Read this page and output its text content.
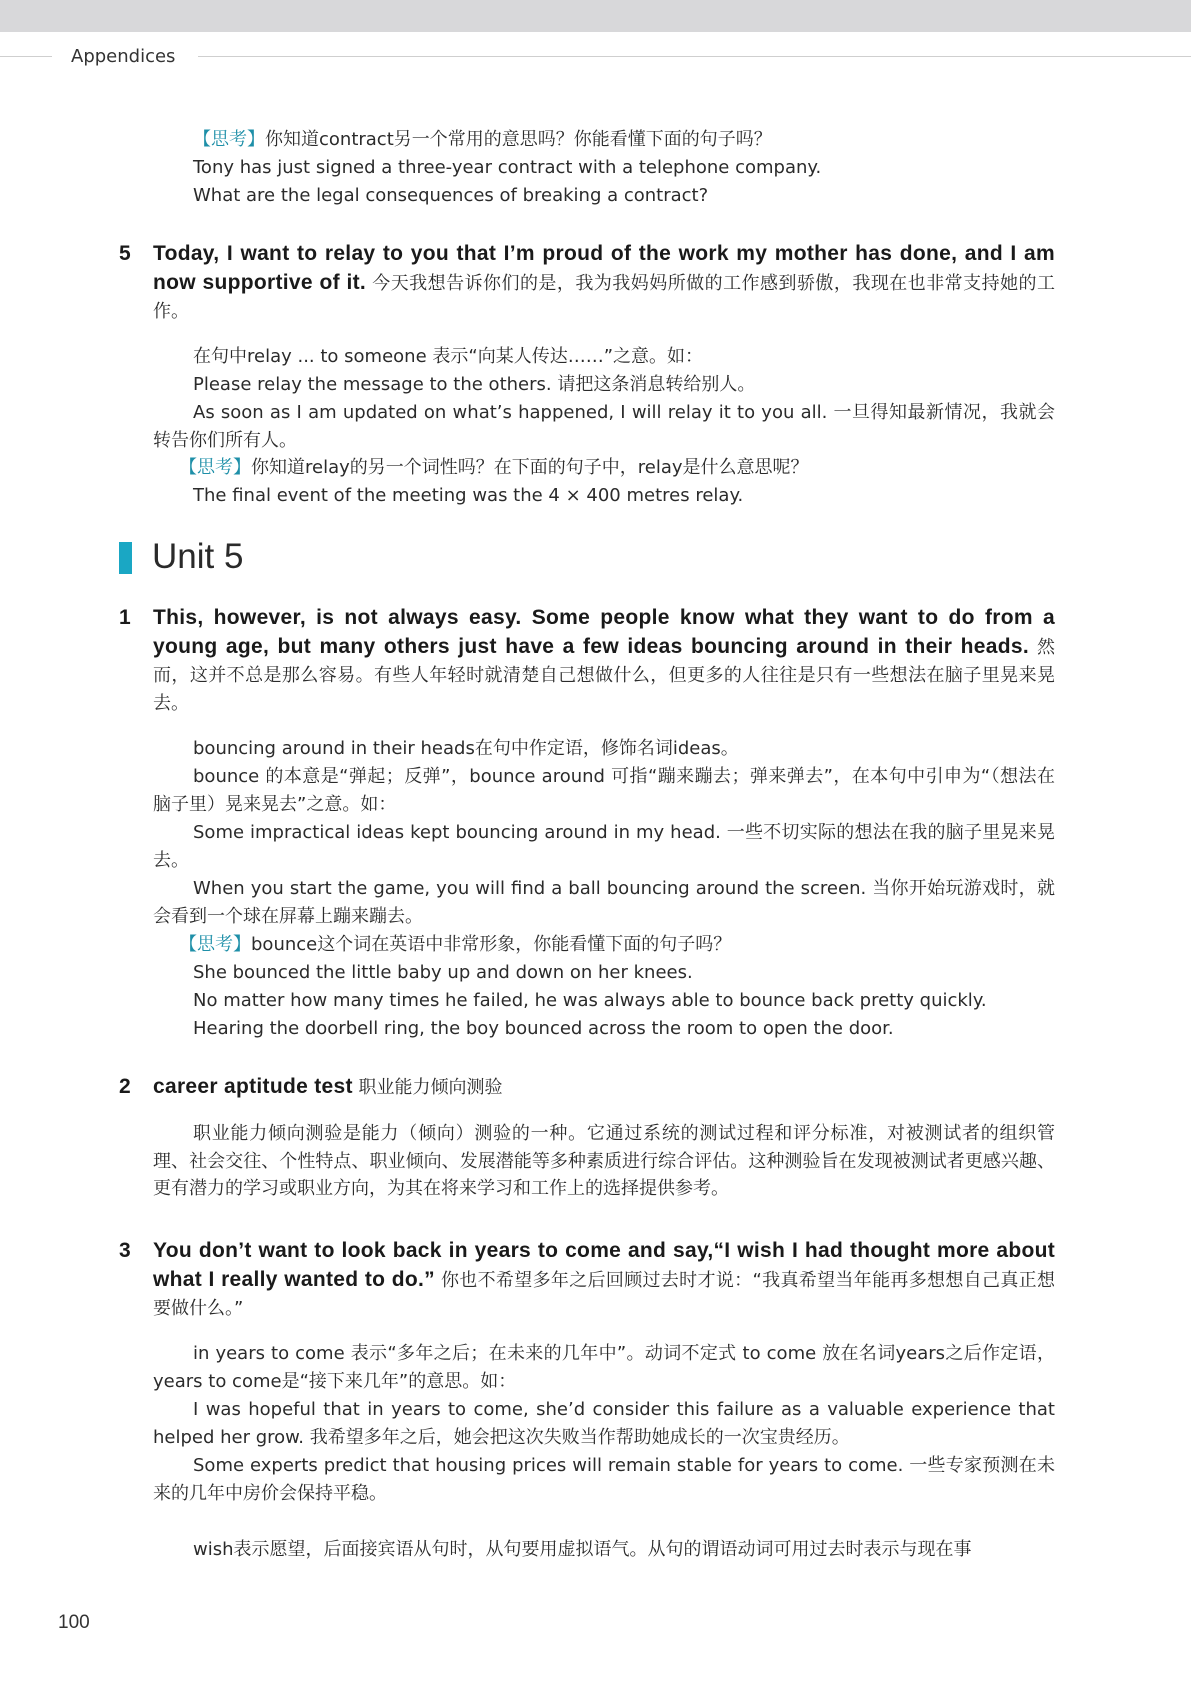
Appendices

【思考】你知道contract另一个常用的意思吗？你能看懂下面的句子吗？

Tony has just signed a three-year contract with a telephone company.

What are the legal consequences of breaking a contract?

5 Today, I want to relay to you that I’m proud of the work my mother has done, and I am now supportive of it. 今天我想告诉你们的是，我为我妈妈所做的工作感到骄傲，我现在也非常支持她的工作。

在句中relay ... to someone 表示“向某人传达……”之意。如：

Please relay the message to the others. 请把这条消息转给别人。

As soon as I am updated on what’s happened, I will relay it to you all. 一旦得知最新情况，我就会转告你们所有人。

【思考】你知道relay的另一个词性吗？在下面的句子中，relay是什么意思呢？

The final event of the meeting was the 4 × 400 metres relay.

Unit 5
1 This, however, is not always easy. Some people know what they want to do from a young age, but many others just have a few ideas bouncing around in their heads. 然而，这并不总是那么容易。有些人年轻时就清楚自己想做什么，但更多的人往往是只有一些想法在脑子里晃来晃去。

bouncing around in their heads在句中作定语，修饰名词ideas。

bounce 的本意是“弹起；反弹”，bounce around 可指“蹦来蹦去；弹来弹去”，在本句中引申为“（想法在脑子里）晃来晃去”之意。如：

Some impractical ideas kept bouncing around in my head. 一些不切实际的想法在我的脑子里晃来晃去。

When you start the game, you will find a ball bouncing around the screen. 当你开始玩游戏时，就会看到一个球在屏幕上蹦来蹦去。

【思考】bounce这个词在英语中非常形象，你能看懂下面的句子吗？

She bounced the little baby up and down on her knees.

No matter how many times he failed, he was always able to bounce back pretty quickly.

Hearing the doorbell ring, the boy bounced across the room to open the door.

2 career aptitude test 职业能力倾向测验

职业能力倾向测验是能力（倾向）测验的一种。它通过系统的测试过程和评分标准，对被测试者的组织管理、社会交往、个性特点、职业倾向、发展潜能等多种素质进行综合评估。这种测验旨在发现被测试者更感兴趣、更有潜力的学习或职业方向，为其在将来学习和工作上的选择提供参考。

3 You don’t want to look back in years to come and say,“I wish I had thought more about what I really wanted to do.” 你也不希望多年之后回顾过去时才说：“我真希望当年能再多想想自己真正想要做什么。”

in years to come 表示“多年之后；在未来的几年中”。动词不定式 to come 放在名词years之后作定语，years to come是“接下来几年”的意思。如：

I was hopeful that in years to come, she’d consider this failure as a valuable experience that helped her grow. 我希望多年之后，她会把这次失败当作帮助她成长的一次宝贵经历。

Some experts predict that housing prices will remain stable for years to come. 一些专家预测在未来的几年中房价会保持平稳。

wish表示愿望，后面接宾语从句时，从句要用虚拟语气。从句的谓语动词可用过去时表示与现在事

100
